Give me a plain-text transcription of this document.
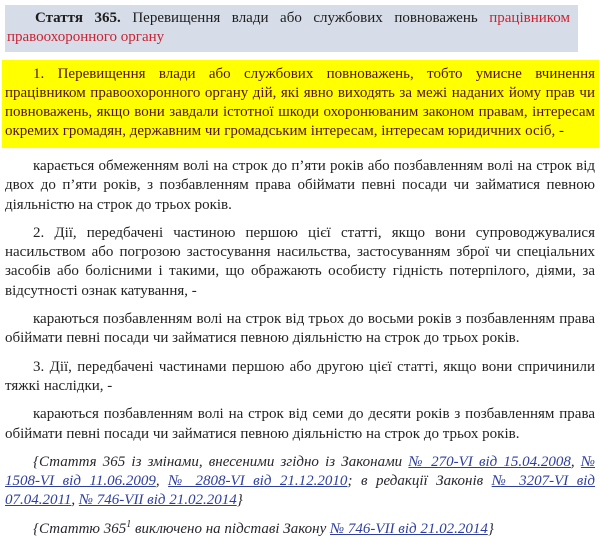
Стаття 365. Перевищення влади або службових повноважень працівником правоохоронного органу
1. Перевищення влади або службових повноважень, тобто умисне вчинення працівником правоохоронного органу дій, які явно виходять за межі наданих йому прав чи повноважень, якщо вони завдали істотної шкоди охоронюваним законом правам, інтересам окремих громадян, державним чи громадським інтересам, інтересам юридичних осіб, -

карається обмеженням волі на строк до п’яти років або позбавленням волі на строк від двох до п’яти років, з позбавленням права обіймати певні посади чи займатися певною діяльністю на строк до трьох років.

2. Дії, передбачені частиною першою цієї статті, якщо вони супроводжувалися насильством або погрозою застосування насильства, застосуванням зброї чи спеціальних засобів або болісними і такими, що ображають особисту гідність потерпілого, діями, за відсутності ознак катування, -

караються позбавленням волі на строк від трьох до восьми років з позбавленням права обіймати певні посади чи займатися певною діяльністю на строк до трьох років.

3. Дії, передбачені частинами першою або другою цієї статті, якщо вони спричинили тяжкі наслідки, -

караються позбавленням волі на строк від семи до десяти років з позбавленням права обіймати певні посади чи займатися певною діяльністю на строк до трьох років.

{Стаття 365 із змінами, внесеними згідно із Законами № 270-VI від 15.04.2008, № 1508-VI від 11.06.2009, № 2808-VI від 21.12.2010; в редакції Законів № 3207-VI від 07.04.2011, № 746-VII від 21.02.2014}

{Статтю $365^1$ виключено на підставі Закону № 746-VII від 21.02.2014}
